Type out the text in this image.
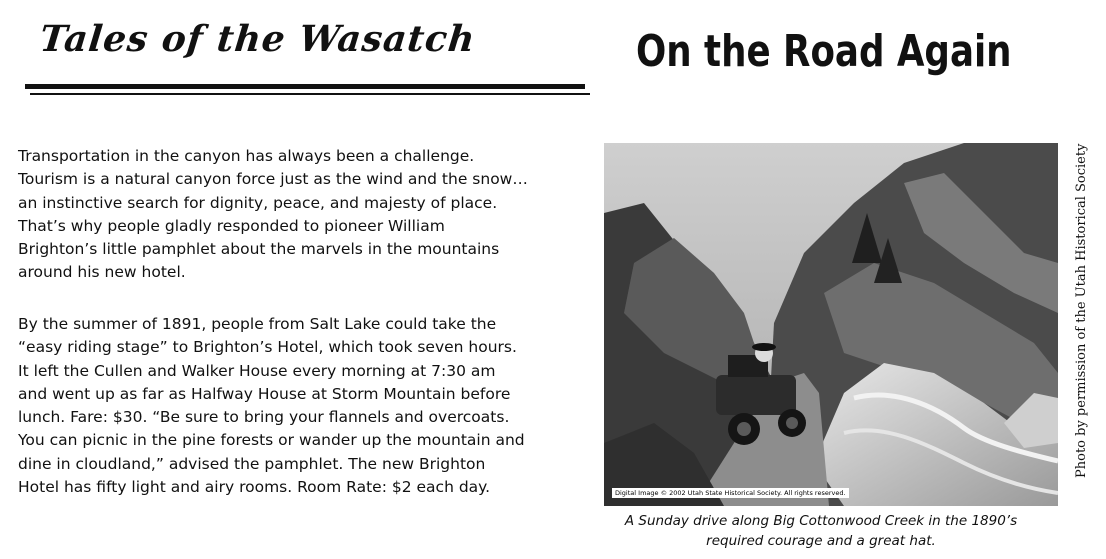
Tales of the Wasatch	On the Road Again

Transportation in the canyon has always been a challenge. Tourism is a natural canyon force just as the wind and the snow…an instinctive search for dignity, peace, and majesty of place. That’s why people gladly responded to pioneer William Brighton’s little pamphlet about the marvels in the mountains around his new hotel.

By the summer of 1891, people from Salt Lake could take the “easy riding stage” to Brighton’s Hotel, which took seven hours. It left the Cullen and Walker House every morning at 7:30 am and went up as far as Halfway House at Storm Mountain before lunch. Fare: $30. “Be sure to bring your flannels and overcoats. You can picnic in the pine forests or wander up the mountain and dine in cloudland,” advised the pamphlet. The new Brighton Hotel has fifty light and airy rooms. Room Rate: $2 each day.	Digital Image © 2002 Utah State Historical Society. All rights reserved.

A Sunday drive along Big Cottonwood Creek in the 1890’s required courage and a great hat.

Photo by permission of the Utah Historical Society
